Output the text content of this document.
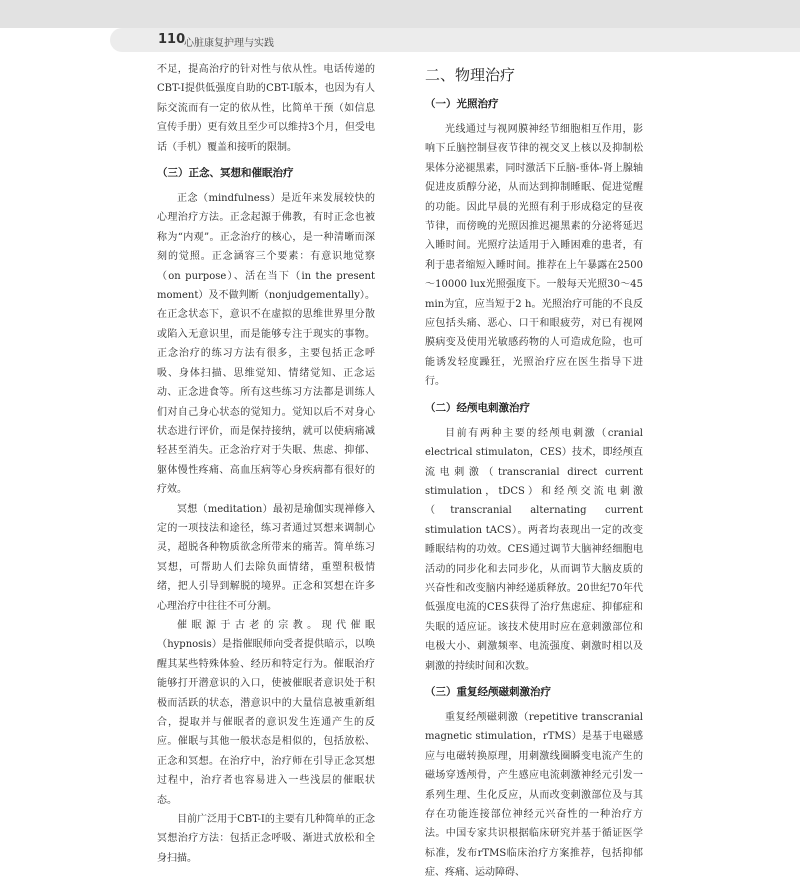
110
心脏康复护理与实践

不足，提高治疗的针对性与依从性。电话传递的CBT-I提供低强度自助的CBT-I版本，也因为有人际交流而有一定的依从性，比简单干预（如信息宣传手册）更有效且至少可以维持3个月，但受电话（手机）覆盖和接听的限制。

（三）正念、冥想和催眠治疗

正念（mindfulness）是近年来发展较快的心理治疗方法。正念起源于佛教，有时正念也被称为“内观”。正念治疗的核心，是一种清晰而深刻的觉照。正念涵容三个要素：有意识地觉察（on purpose）、活在当下（in the present moment）及不做判断（nonjudgementally）。在正念状态下，意识不在虚拟的思维世界里分散或陷入无意识里，而是能够专注于现实的事物。正念治疗的练习方法有很多，主要包括正念呼吸、身体扫描、思维觉知、情绪觉知、正念运动、正念进食等。所有这些练习方法都是训练人们对自己身心状态的觉知力。觉知以后不对身心状态进行评价，而是保持接纳，就可以使病痛减轻甚至消失。正念治疗对于失眠、焦虑、抑郁、躯体慢性疼痛、高血压病等心身疾病都有很好的疗效。

冥想（meditation）最初是瑜伽实现禅修入定的一项技法和途径，练习者通过冥想来调制心灵，超脱各种物质欲念所带来的痛苦。简单练习冥想，可帮助人们去除负面情绪，重塑积极情绪，把人引导到解脱的境界。正念和冥想在许多心理治疗中往往不可分割。

催眠源于古老的宗教。现代催眠（hypnosis）是指催眠师向受者提供暗示，以唤醒其某些特殊体验、经历和特定行为。催眠治疗能够打开潜意识的入口，使被催眠者意识处于积极而活跃的状态，潜意识中的大量信息被重新组合，提取并与催眠者的意识发生连通产生的反应。催眠与其他一般状态是相似的，包括放松、正念和冥想。在治疗中，治疗师在引导正念冥想过程中，治疗者也容易进入一些浅层的催眠状态。

目前广泛用于CBT-I的主要有几种简单的正念冥想治疗方法：包括正念呼吸、渐进式放松和全身扫描。

二、物理治疗
（一）光照治疗

光线通过与视网膜神经节细胞相互作用，影响下丘脑控制昼夜节律的视交叉上核以及抑制松果体分泌褪黑素，同时激活下丘脑-垂体-肾上腺轴促进皮质醇分泌，从而达到抑制睡眠、促进觉醒的功能。因此早晨的光照有利于形成稳定的昼夜节律，而傍晚的光照因推迟褪黑素的分泌将延迟入睡时间。光照疗法适用于入睡困难的患者，有利于患者缩短入睡时间。推荐在上午暴露在2500～10000 lux光照强度下。一般每天光照30～45 min为宜，应当短于2 h。光照治疗可能的不良反应包括头痛、恶心、口干和眼疲劳，对已有视网膜病变及使用光敏感药物的人可造成危险，也可能诱发轻度躁狂，光照治疗应在医生指导下进行。

（二）经颅电刺激治疗

目前有两种主要的经颅电刺激（cranial electrical stimulaton，CES）技术，即经颅直流电刺激（transcranial direct current stimulation，tDCS）和经颅交流电刺激（transcranial alternating current stimulation tACS）。两者均表现出一定的改变睡眠结构的功效。CES通过调节大脑神经细胞电活动的同步化和去同步化，从而调节大脑皮质的兴奋性和改变脑内神经递质释放。20世纪70年代低强度电流的CES获得了治疗焦虑症、抑郁症和失眠的适应证。该技术使用时应在意刺激部位和电极大小、刺激频率、电流强度、刺激时相以及刺激的持续时间和次数。

（三）重复经颅磁刺激治疗

重复经颅磁刺激（repetitive transcranial magnetic stimulation，rTMS）是基于电磁感应与电磁转换原理，用刺激线圈瞬变电流产生的磁场穿透颅骨，产生感应电流刺激神经元引发一系列生理、生化反应，从而改变刺激部位及与其存在功能连接部位神经元兴奋性的一种治疗方法。中国专家共识根据临床研究并基于循证医学标准，发布rTMS临床治疗方案推荐，包括抑郁症、疼痛、运动障碍、
